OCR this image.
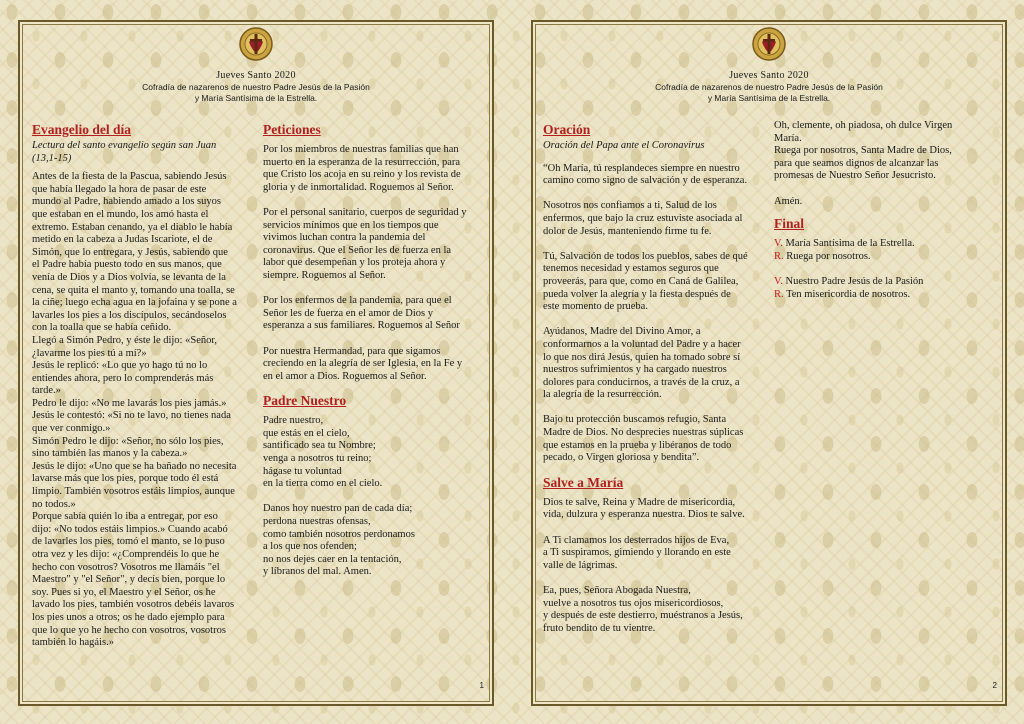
Jueves Santo 2020
Cofradía de nazarenos de nuestro Padre Jesús de la Pasión
y María Santísima de la Estrella.
Evangelio del día

Lectura del santo evangelio según san Juan

(13,1-15)

Antes de la fiesta de la Pascua, sabiendo Jesús

que había llegado la hora de pasar de este

mundo al Padre, habiendo amado a los suyos

que estaban en el mundo, los amó hasta el

extremo. Estaban cenando, ya el diablo le había

metido en la cabeza a Judas Iscariote, el de

Simón, que lo entregara, y Jesús, sabiendo que

el Padre había puesto todo en sus manos, que

venía de Dios y a Dios volvía, se levanta de la

cena, se quita el manto y, tomando una toalla, se

la ciñe; luego echa agua en la jofaina y se pone a

lavarles los pies a los discípulos, secándoselos

con la toalla que se había ceñido.

Llegó a Simón Pedro, y éste le dijo: «Señor,

¿lavarme los pies tú a mí?»

Jesús le replicó: «Lo que yo hago tú no lo

entiendes ahora, pero lo comprenderás más

tarde.»

Pedro le dijo: «No me lavarás los pies jamás.»

Jesús le contestó: «Si no te lavo, no tienes nada

que ver conmigo.»

Simón Pedro le dijo: «Señor, no sólo los pies,

sino también las manos y la cabeza.»

Jesús le dijo: «Uno que se ha bañado no necesita

lavarse más que los pies, porque todo él está

limpio. También vosotros estáis limpios, aunque

no todos.»

Porque sabía quién lo iba a entregar, por eso

dijo: «No todos estáis limpios.» Cuando acabó

de lavarles los pies, tomó el manto, se lo puso

otra vez y les dijo: «¿Comprendéis lo que he

hecho con vosotros? Vosotros me llamáis "el

Maestro" y "el Señor", y decís bien, porque lo

soy. Pues si yo, el Maestro y el Señor, os he

lavado los pies, también vosotros debéis lavaros

los pies unos a otros; os he dado ejemplo para

que lo que yo he hecho con vosotros, vosotros

también lo hagáis.»

Peticiones

Por los miembros de nuestras familias que han

muerto en la esperanza de la resurrección, para

que Cristo los acoja en su reino y los revista de

gloria y de inmortalidad. Roguemos al Señor.

Por el personal sanitario, cuerpos de seguridad y

servicios mínimos que en los tiempos que

vivimos luchan contra la pandemia del

coronavirus. Que el Señor les de fuerza en la

labor que desempeñan y los proteja ahora y

siempre. Roguemos al Señor.

Por los enfermos de la pandemia, para que el

Señor les de fuerza en el amor de Dios y

esperanza a sus familiares. Roguemos al Señor

Por nuestra Hermandad, para que sigamos

creciendo en la alegría de ser Iglesia, en la Fe y

en el amor a Dios. Roguemos al Señor.

Padre Nuestro

Padre nuestro,

que estás en el cielo,

santificado sea tu Nombre;

venga a nosotros tu reino;

hágase tu voluntad

en la tierra como en el cielo.

Danos hoy nuestro pan de cada día;

perdona nuestras ofensas,

como también nosotros perdonamos

a los que nos ofenden;

no nos dejes caer en la tentación,

y líbranos del mal. Amen.

1
Jueves Santo 2020
Cofradía de nazarenos de nuestro Padre Jesús de la Pasión
y María Santísima de la Estrella.
Oración

Oración del Papa ante el Coronavirus

“Oh María, tú resplandeces siempre en nuestro

camino como signo de salvación y de esperanza.

Nosotros nos confiamos a ti, Salud de los

enfermos, que bajo la cruz estuviste asociada al

dolor de Jesús, manteniendo firme tu fe.

Tú, Salvación de todos los pueblos, sabes de qué

tenemos necesidad y estamos seguros que

proveerás, para que, como en Caná de Galilea,

pueda volver la alegría y la fiesta después de

este momento de prueba.

Ayúdanos, Madre del Divino Amor, a

conformarnos a la voluntad del Padre y a hacer

lo que nos dirá Jesús, quien ha tomado sobre sí

nuestros sufrimientos y ha cargado nuestros

dolores para conducirnos, a través de la cruz, a

la alegría de la resurrección.

Bajo tu protección buscamos refugio, Santa

Madre de Dios. No desprecies nuestras súplicas

que estamos en la prueba y libéranos de todo

pecado, o Virgen gloriosa y bendita”.

Salve a María

Dios te salve, Reina y Madre de misericordia,

vida, dulzura y esperanza nuestra. Dios te salve.

A Ti clamamos los desterrados hijos de Eva,

a Ti suspiramos, gimiendo y llorando en este

valle de lágrimas.

Ea, pues, Señora Abogada Nuestra,

vuelve a nosotros tus ojos misericordiosos,

y después de este destierro, muéstranos a Jesús,

fruto bendito de tu vientre.

Oh, clemente, oh piadosa, oh dulce Virgen

María.

Ruega por nosotros, Santa Madre de Dios,

para que seamos dignos de alcanzar las

promesas de Nuestro Señor Jesucristo.

Amén.

Final

V. María Santísima de la Estrella.

R. Ruega por nosotros.

V. Nuestro Padre Jesús de la Pasión

R. Ten misericordia de nosotros.

2
